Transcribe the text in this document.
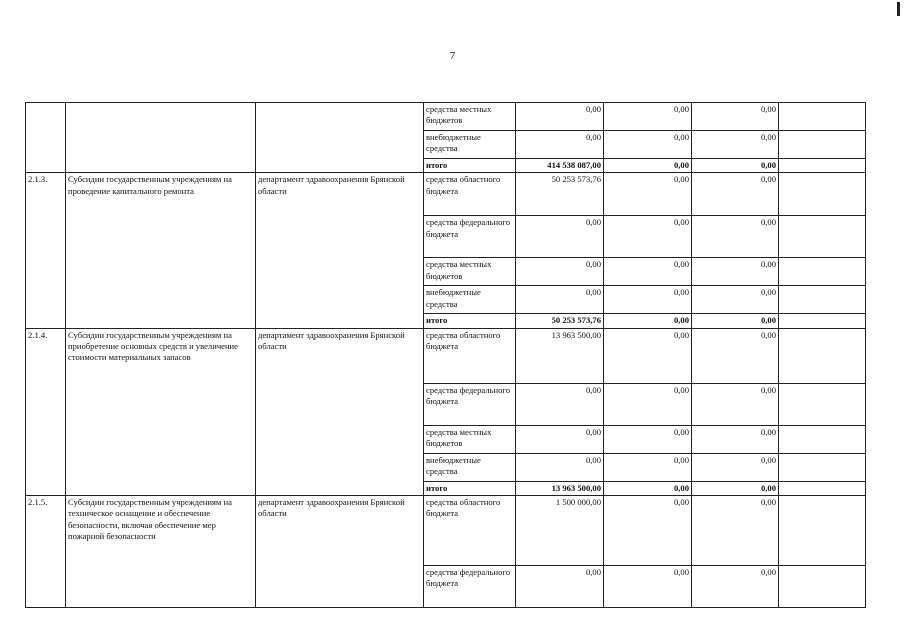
7
			средства местных бюджетов	0,00	0,00	0,00	
			внебюджетные средства	0,00	0,00	0,00	
			итого	414 538 087,00	0,00	0,00	
2.1.3.	Субсидии государственным учреждениям на проведение капитального ремонта	департамент здравоохранения Брянской области	средства областного бюджета	50 253 573,76	0,00	0,00	
			средства федерального бюджета	0,00	0,00	0,00	
			средства местных бюджетов	0,00	0,00	0,00	
			внебюджетные средства	0,00	0,00	0,00	
			итого	50 253 573,76	0,00	0,00	
2.1.4.	Субсидии государственным учреждениям на приобретение основных средств и увеличение стоимости материальных запасов	департамент здравоохранения Брянской области	средства областного бюджета	13 963 500,00	0,00	0,00	
			средства федерального бюджета	0,00	0,00	0,00	
			средства местных бюджетов	0,00	0,00	0,00	
			внебюджетные средства	0,00	0,00	0,00	
			итого	13 963 500,00	0,00	0,00	
2.1.5.	Субсидии государственным учреждениям на техническое оснащение и обеспечение безопасности, включая обеспечение мер пожарной безопасности	департамент здравоохранения Брянской области	средства областного бюджета	1 500 000,00	0,00	0,00	
			средства федерального бюджета	0,00	0,00	0,00	
